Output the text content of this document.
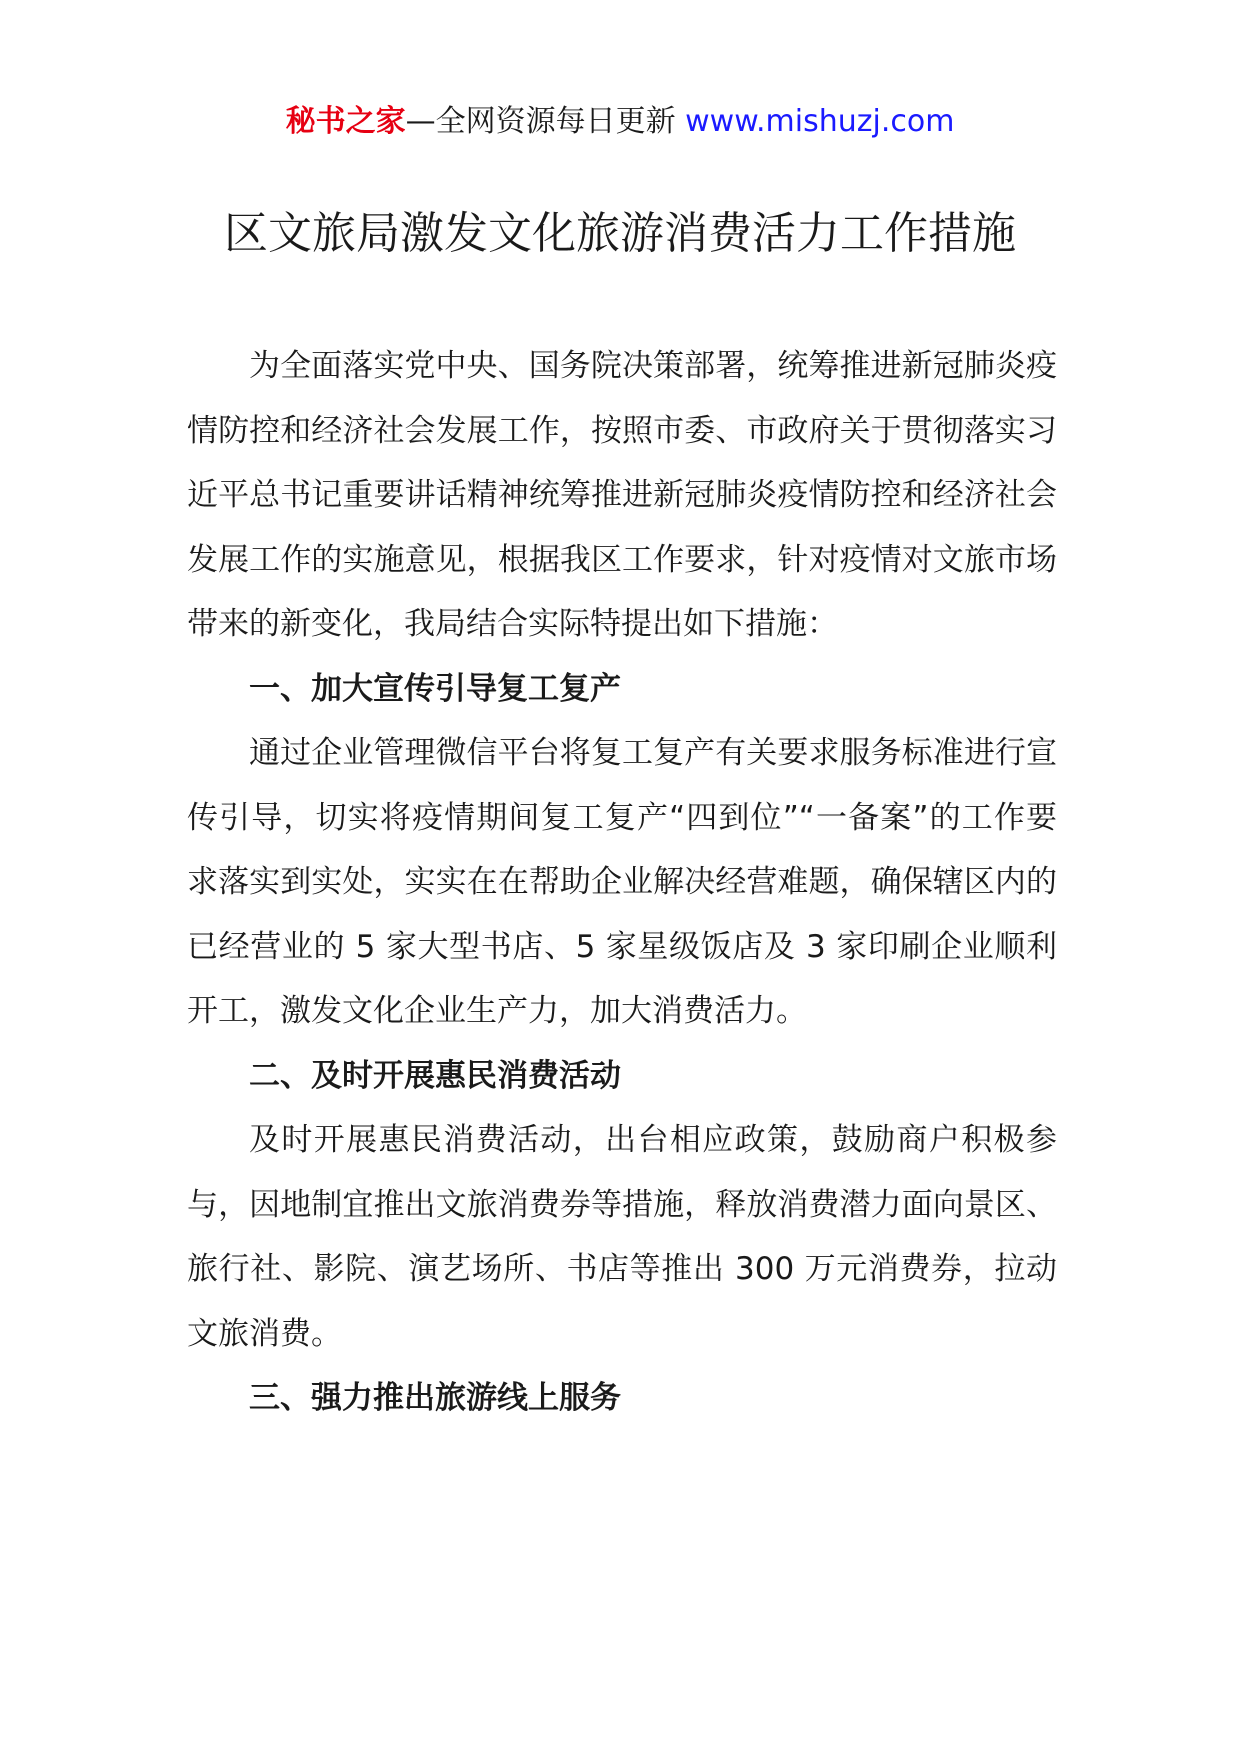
秘书之家—全网资源每日更新 www.mishuzj.com
区文旅局激发文化旅游消费活力工作措施

为全面落实党中央、国务院决策部署，统筹推进新冠肺炎疫情防控和经济社会发展工作，按照市委、市政府关于贯彻落实习近平总书记重要讲话精神统筹推进新冠肺炎疫情防控和经济社会发展工作的实施意见，根据我区工作要求，针对疫情对文旅市场带来的新变化，我局结合实际特提出如下措施：

一、加大宣传引导复工复产

通过企业管理微信平台将复工复产有关要求服务标准进行宣传引导，切实将疫情期间复工复产“四到位”“一备案”的工作要求落实到实处，实实在在帮助企业解决经营难题，确保辖区内的已经营业的 5 家大型书店、5 家星级饭店及 3 家印刷企业顺利开工，激发文化企业生产力，加大消费活力。

二、及时开展惠民消费活动

及时开展惠民消费活动，出台相应政策，鼓励商户积极参与，因地制宜推出文旅消费券等措施，释放消费潜力面向景区、旅行社、影院、演艺场所、书店等推出 300 万元消费券，拉动文旅消费。

三、强力推出旅游线上服务
